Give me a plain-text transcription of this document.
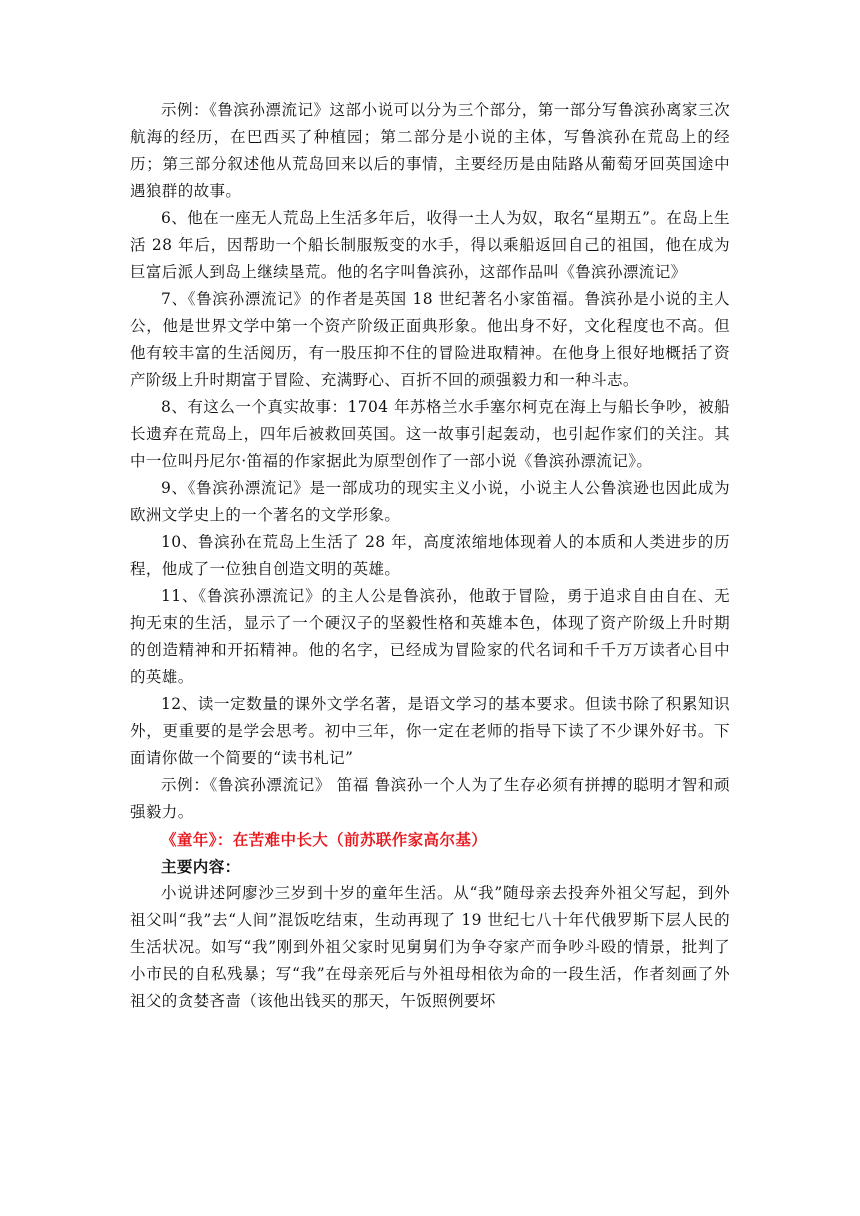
示例：《鲁滨孙漂流记》这部小说可以分为三个部分，第一部分写鲁滨孙离家三次航海的经历，在巴西买了种植园；第二部分是小说的主体，写鲁滨孙在荒岛上的经历；第三部分叙述他从荒岛回来以后的事情，主要经历是由陆路从葡萄牙回英国途中遇狼群的故事。

6、他在一座无人荒岛上生活多年后，收得一土人为奴，取名“星期五”。在岛上生活 28 年后，因帮助一个船长制服叛变的水手，得以乘船返回自己的祖国，他在成为巨富后派人到岛上继续垦荒。他的名字叫鲁滨孙，这部作品叫《鲁滨孙漂流记》

7、《鲁滨孙漂流记》的作者是英国 18 世纪著名小家笛福。鲁滨孙是小说的主人公，他是世界文学中第一个资产阶级正面典形象。他出身不好，文化程度也不高。但他有较丰富的生活阅历，有一股压抑不住的冒险进取精神。在他身上很好地概括了资产阶级上升时期富于冒险、充满野心、百折不回的顽强毅力和一种斗志。

8、有这么一个真实故事：1704 年苏格兰水手塞尔柯克在海上与船长争吵，被船长遗弃在荒岛上，四年后被救回英国。这一故事引起轰动，也引起作家们的关注。其中一位叫丹尼尔·笛福的作家据此为原型创作了一部小说《鲁滨孙漂流记》。

9、《鲁滨孙漂流记》是一部成功的现实主义小说，小说主人公鲁滨逊也因此成为欧洲文学史上的一个著名的文学形象。

10、鲁滨孙在荒岛上生活了 28 年，高度浓缩地体现着人的本质和人类进步的历程，他成了一位独自创造文明的英雄。

11、《鲁滨孙漂流记》的主人公是鲁滨孙，他敢于冒险，勇于追求自由自在、无拘无束的生活，显示了一个硬汉子的坚毅性格和英雄本色，体现了资产阶级上升时期的创造精神和开拓精神。他的名字，已经成为冒险家的代名词和千千万万读者心目中的英雄。

12、读一定数量的课外文学名著，是语文学习的基本要求。但读书除了积累知识外，更重要的是学会思考。初中三年，你一定在老师的指导下读了不少课外好书。下面请你做一个简要的“读书札记”

示例：《鲁滨孙漂流记》 笛福 鲁滨孙一个人为了生存必须有拼搏的聪明才智和顽强毅力。

《童年》：在苦难中长大（前苏联作家高尔基）

主要内容：

小说讲述阿廖沙三岁到十岁的童年生活。从“我”随母亲去投奔外祖父写起，到外祖父叫“我”去“人间”混饭吃结束，生动再现了 19 世纪七八十年代俄罗斯下层人民的生活状况。如写“我”刚到外祖父家时见舅舅们为争夺家产而争吵斗殴的情景，批判了小市民的自私残暴；写“我”在母亲死后与外祖母相依为命的一段生活，作者刻画了外祖父的贪婪吝啬（该他出钱买的那天，午饭照例要坏
